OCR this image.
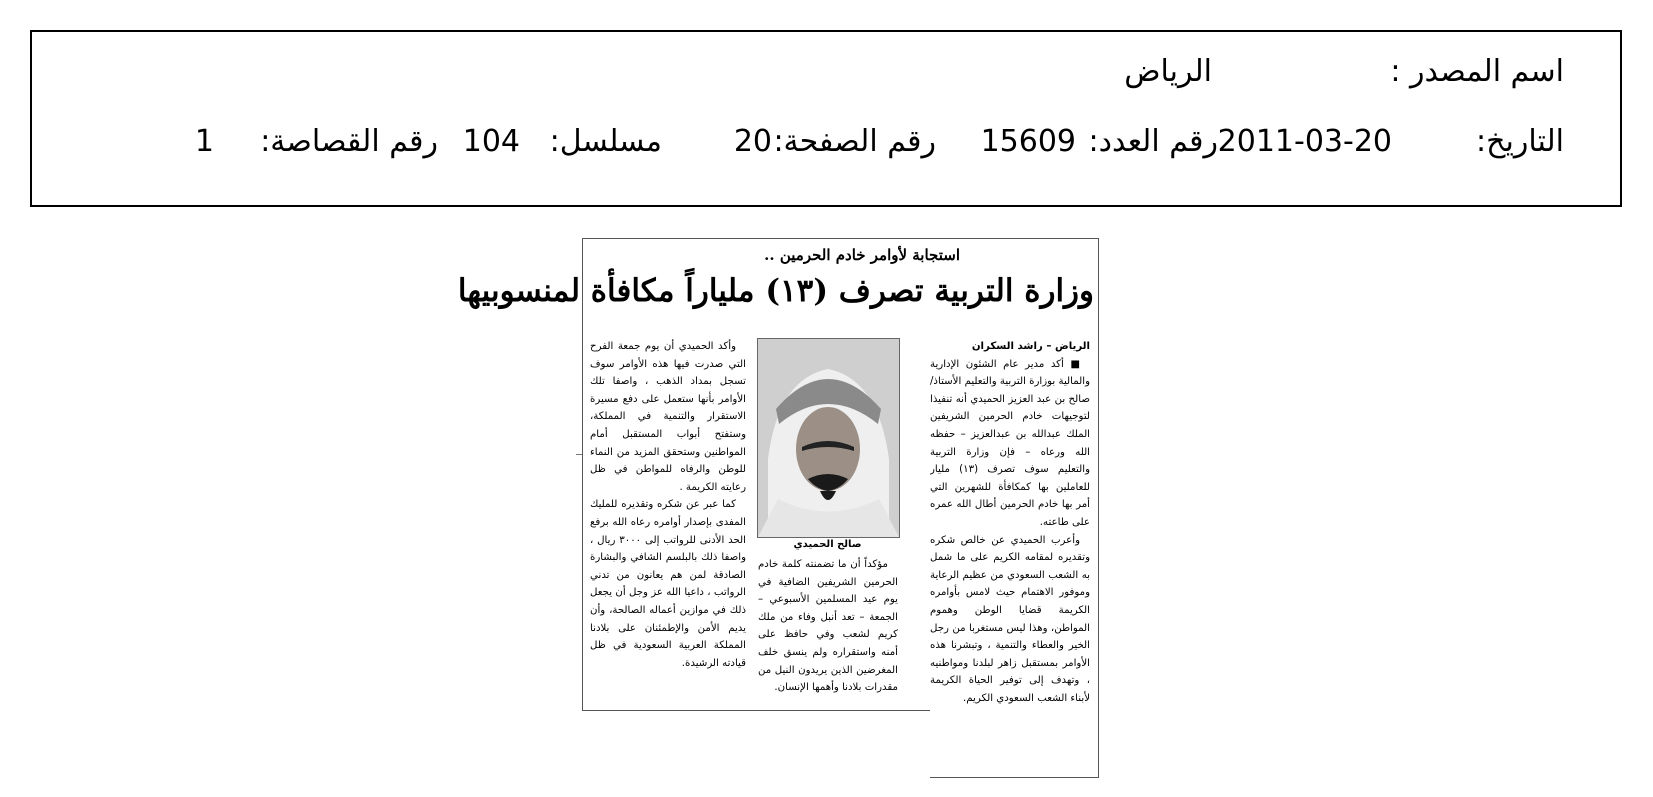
اسم المصدر :
الرياض
التاريخ:
2011-03-20
رقم العدد:
15609
رقم الصفحة:
20
مسلسل:
104
رقم القصاصة:
1
استجابة لأوامر خادم الحرمين ..
وزارة التربية تصرف (١٣) ملياراً مكافأة لمنسوبيها

الرياض – راشد السكران

■ أكد مدير عام الشئون الإدارية والمالية بوزارة التربية والتعليم الأستاذ/ صالح بن عبد العزيز الحميدي أنه تنفيذا لتوجيهات خادم الحرمين الشريفين الملك عبدالله بن عبدالعزيز – حفظه الله ورعاه – فإن وزارة التربية والتعليم سوف تصرف (١٣) مليار للعاملين بها كمكافأة للشهرين التي أمر بها خادم الحرمين أطال الله عمره على طاعته.

وأعرب الحميدي عن خالص شكره وتقديره لمقامه الكريم على ما شمل به الشعب السعودي من عظيم الرعاية وموفور الاهتمام حيث لامس بأوامره الكريمة قضايا الوطن وهموم المواطن، وهذا ليس مستغربا من رجل الخير والعطاء والتنمية ، وتبشرنا هذه الأوامر بمستقبل زاهر لبلدنا ومواطنيه ، وتهدف إلى توفير الحياة الكريمة لأبناء الشعب السعودي الكريم.

صالح الحميدي

مؤكداً أن ما تضمنته كلمة خادم الحرمين الشريفين الضافية في يوم عيد المسلمين الأسبوعي – الجمعة – تعد أنبل وفاء من ملك كريم لشعب وفي حافظ على أمنه واستقراره ولم ينسق خلف المغرضين الذين يريدون النيل من مقدرات بلادنا وأهمها الإنسان.

وأكد الحميدي أن يوم جمعة الفرح التي صدرت فيها هذه الأوامر سوف تسجل بمداد الذهب ، واصفا تلك الأوامر بأنها ستعمل على دفع مسيرة الاستقرار والتنمية في المملكة، وستفتح أبواب المستقبل أمام المواطنين وستحقق المزيد من النماء للوطن والرفاه للمواطن في ظل رعايته الكريمة .

كما عبر عن شكره وتقديره للمليك المفدى بإصدار أوامره رعاه الله برفع الحد الأدنى للرواتب إلى ٣٠٠٠ ريال ، واصفا ذلك بالبلسم الشافي والبشارة الصادقة لمن هم يعانون من تدني الرواتب ، داعيا الله عز وجل أن يجعل ذلك في موازين أعماله الصالحة، وأن يديم الأمن والإطمئنان على بلادنا المملكة العربية السعودية في ظل قيادته الرشيدة.
